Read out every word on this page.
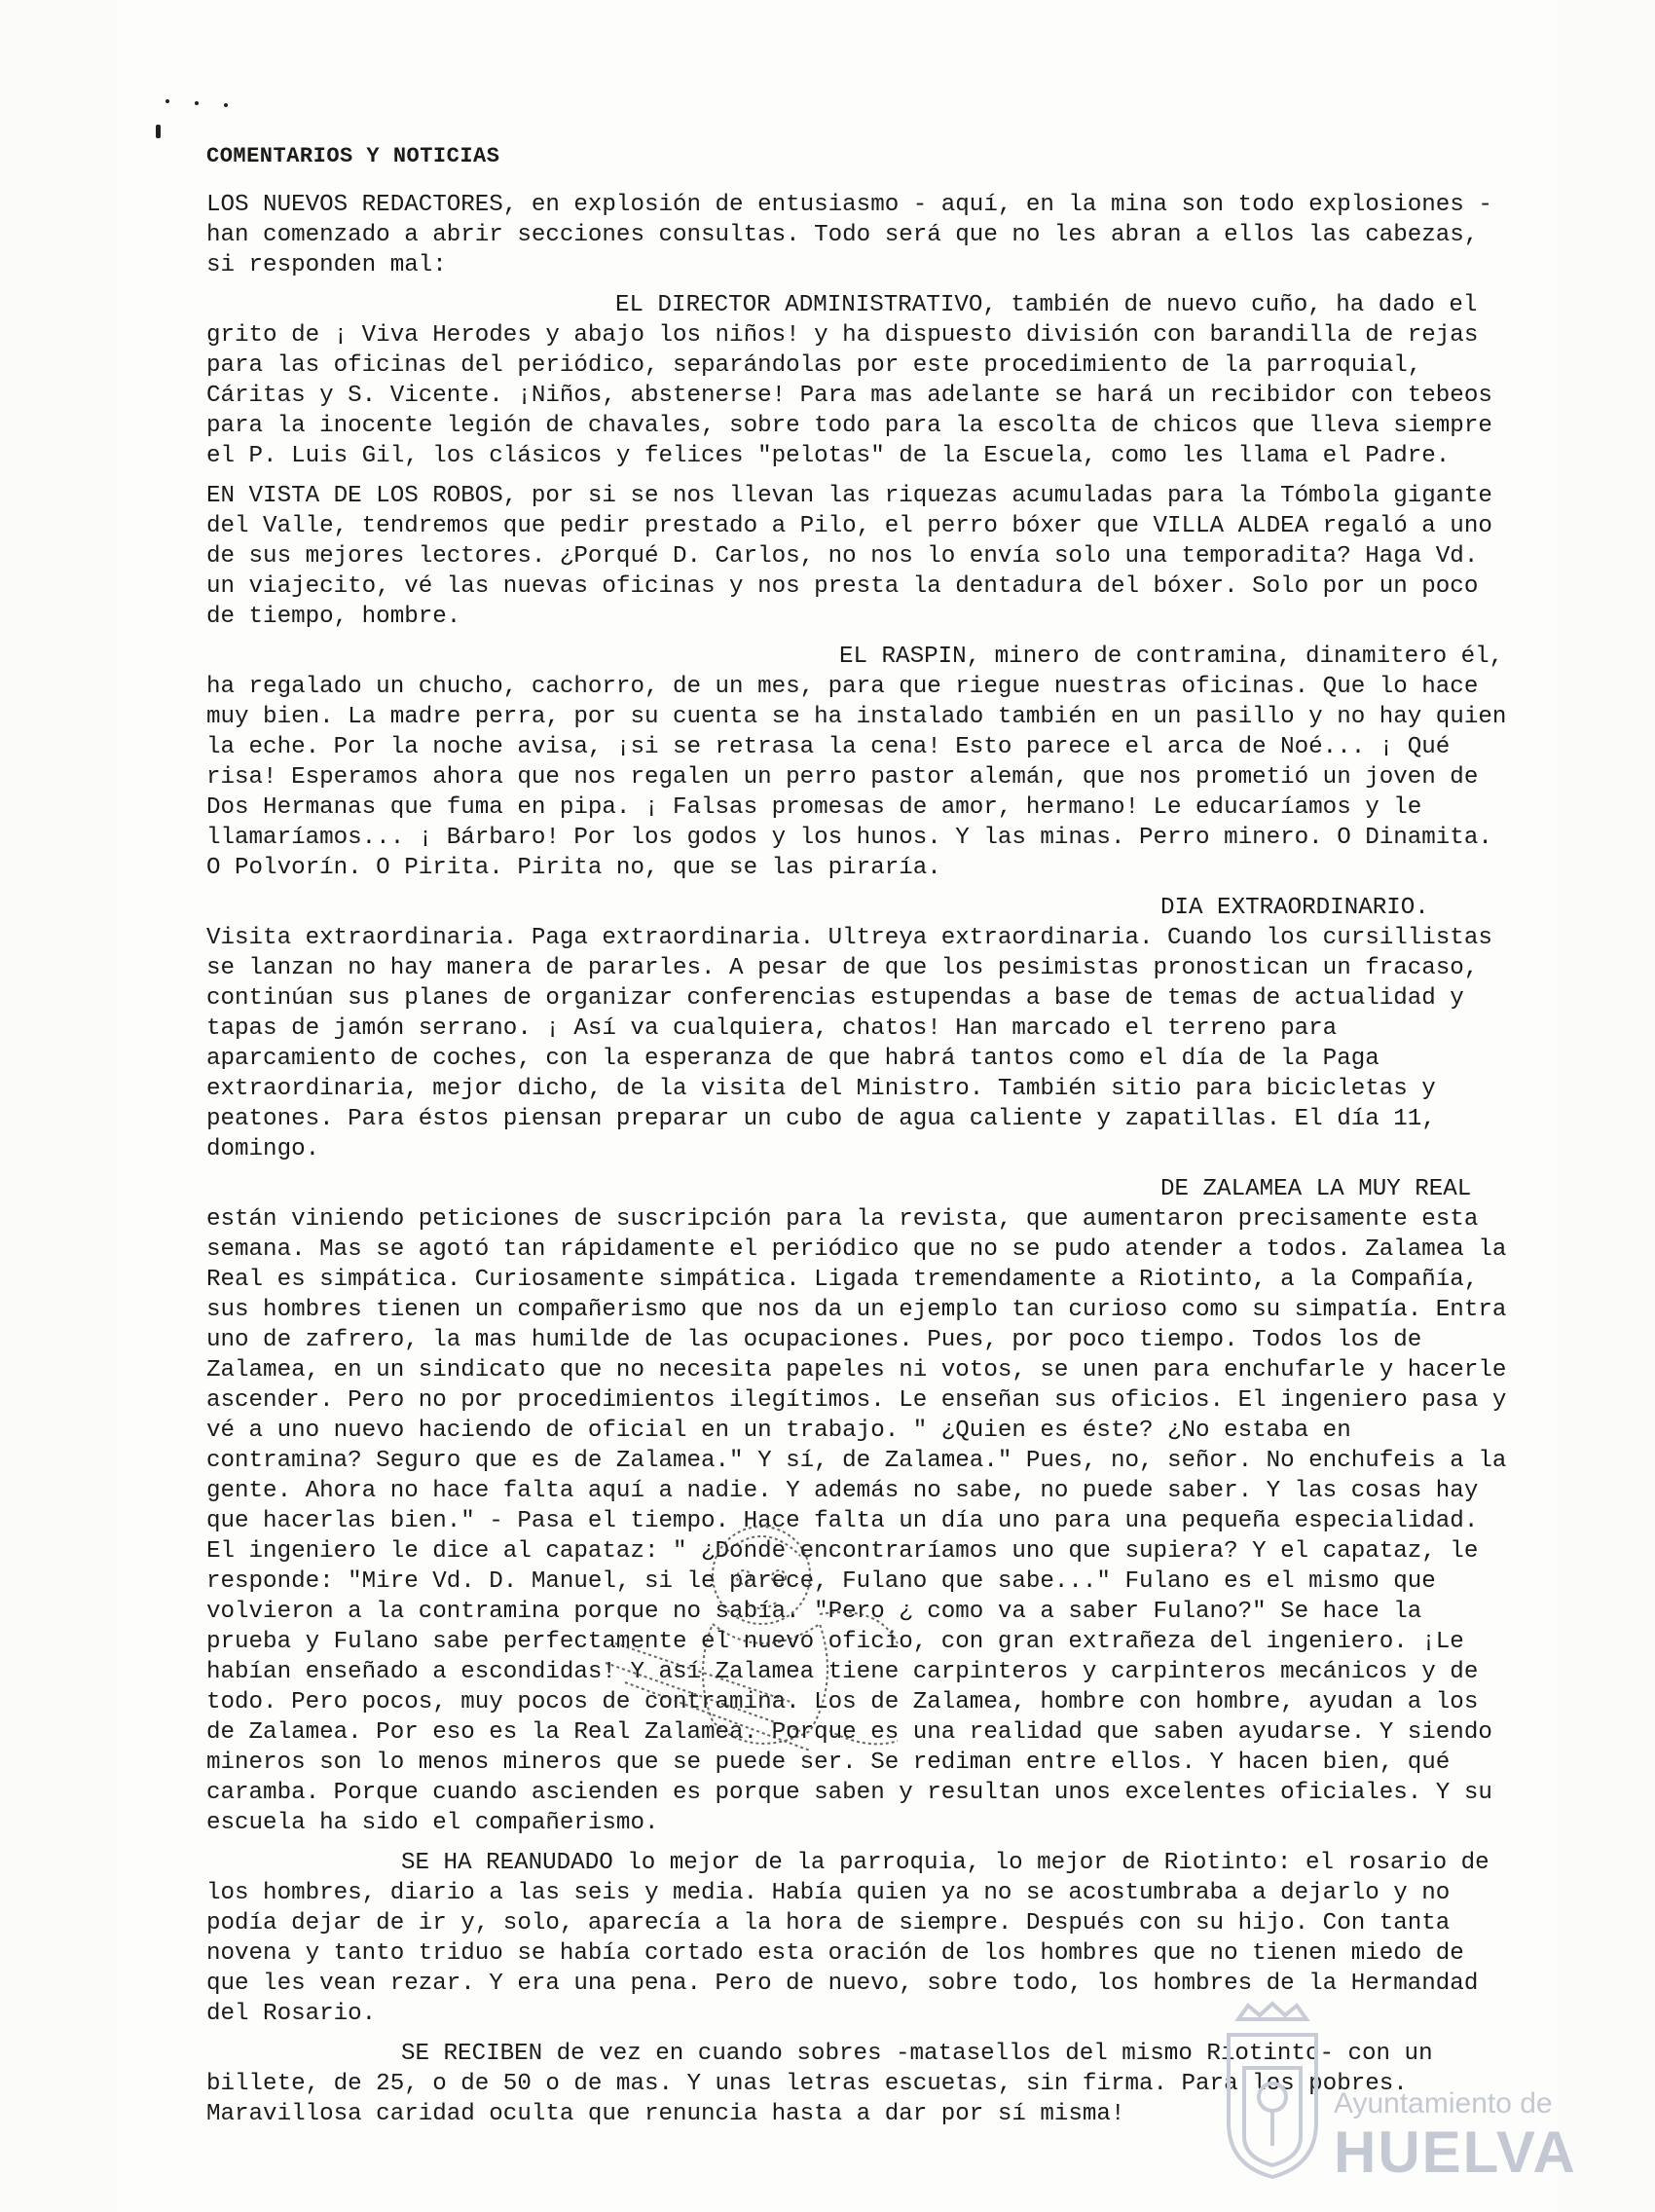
COMENTARIOS Y NOTICIAS
LOS NUEVOS REDACTORES, en explosión de entusiasmo - aquí, en la mina son todo explosiones - han comenzado a abrir secciones consultas. Todo será que no les abran a ellos las cabezas, si responden mal:
EL DIRECTOR ADMINISTRATIVO, también de nuevo cuño, ha dado el grito de ¡ Viva Herodes y abajo los niños! y ha dispuesto división con barandilla de rejas para las oficinas del periódico, separándolas por este procedimiento de la parroquial, Cáritas y S. Vicente. ¡Niños, abstenerse! Para mas adelante se hará un recibidor con tebeos para la inocente legión de chavales, sobre todo para la escolta de chicos que lleva siempre el P. Luis Gil, los clásicos y felices "pelotas" de la Escuela, como les llama el Padre.
EN VISTA DE LOS ROBOS, por si se nos llevan las riquezas acumuladas para la Tómbola gigante del Valle, tendremos que pedir prestado a Pilo, el perro bóxer que VILLA ALDEA regaló a uno de sus mejores lectores. ¿Porqué D. Carlos, no nos lo envía solo una temporadita? Haga Vd. un viajecito, vé las nuevas oficinas y nos presta la dentadura del bóxer. Solo por un poco de tiempo, hombre.
EL RASPIN, minero de contramina, dinamitero él, ha regalado un chucho, cachorro, de un mes, para que riegue nuestras oficinas. Que lo hace muy bien. La madre perra, por su cuenta se ha instalado también en un pasillo y no hay quien la eche. Por la noche avisa, ¡si se retrasa la cena! Esto parece el arca de Noé... ¡ Qué risa! Esperamos ahora que nos regalen un perro pastor alemán, que nos prometió un joven de Dos Hermanas que fuma en pipa. ¡ Falsas promesas de amor, hermano! Le educaríamos y le llamaríamos... ¡ Bárbaro! Por los godos y los hunos. Y las minas. Perro minero. O Dinamita. O Polvorín. O Pirita. Pirita no, que se las piraría.
DIA EXTRAORDINARIO. Visita extraordinaria. Paga extraordinaria. Ultreya extraordinaria. Cuando los cursillistas se lanzan no hay manera de pararles. A pesar de que los pesimistas pronostican un fracaso, continúan sus planes de organizar conferencias estupendas a base de temas de actualidad y tapas de jamón serrano. ¡ Así va cualquiera, chatos! Han marcado el terreno para aparcamiento de coches, con la esperanza de que habrá tantos como el día de la Paga extraordinaria, mejor dicho, de la visita del Ministro. También sitio para bicicletas y peatones. Para éstos piensan preparar un cubo de agua caliente y zapatillas. El día 11, domingo.
DE ZALAMEA LA MUY REAL están viniendo peticiones de suscripción para la revista, que aumentaron precisamente esta semana. Mas se agotó tan rápidamente el periódico que no se pudo atender a todos. Zalamea la Real es simpática. Curiosamente simpática. Ligada tremendamente a Riotinto, a la Compañía, sus hombres tienen un compañerismo que nos da un ejemplo tan curioso como su simpatía. Entra uno de zafrero, la mas humilde de las ocupaciones. Pues, por poco tiempo. Todos los de Zalamea, en un sindicato que no necesita papeles ni votos, se unen para enchufarle y hacerle ascender. Pero no por procedimientos ilegítimos. Le enseñan sus oficios. El ingeniero pasa y vé a uno nuevo haciendo de oficial en un trabajo. " ¿Quien es éste? ¿No estaba en contramina? Seguro que es de Zalamea." Y sí, de Zalamea." Pues, no, señor. No enchufeis a la gente. Ahora no hace falta aquí a nadie. Y además no sabe, no puede saber. Y las cosas hay que hacerlas bien." - Pasa el tiempo. Hace falta un día uno para una pequeña especialidad. El ingeniero le dice al capataz: " ¿Donde encontraríamos uno que supiera? Y el capataz, le responde: "Mire Vd. D. Manuel, si le parece, Fulano que sabe..." Fulano es el mismo que volvieron a la contramina porque no sabía. "Pero ¿ como va a saber Fulano?" Se hace la prueba y Fulano sabe perfectamente el nuevo oficio, con gran extrañeza del ingeniero. ¡Le habían enseñado a escondidas! Y así Zalamea tiene carpinteros y carpinteros mecánicos y de todo. Pero pocos, muy pocos de contramina. Los de Zalamea, hombre con hombre, ayudan a los de Zalamea. Por eso es la Real Zalamea. Porque es una realidad que saben ayudarse. Y siendo mineros son lo menos mineros que se puede ser. Se rediman entre ellos. Y hacen bien, qué caramba. Porque cuando ascienden es porque saben y resultan unos excelentes oficiales. Y su escuela ha sido el compañerismo.
SE HA REANUDADO lo mejor de la parroquia, lo mejor de Riotinto: el rosario de los hombres, diario a las seis y media. Había quien ya no se acostumbraba a dejarlo y no podía dejar de ir y, solo, aparecía a la hora de siempre. Después con su hijo. Con tanta novena y tanto triduo se había cortado esta oración de los hombres que no tienen miedo de que les vean rezar. Y era una pena. Pero de nuevo, sobre todo, los hombres de la Hermandad del Rosario.
SE RECIBEN de vez en cuando sobres -matasellos del mismo Riotinto- con un billete, de 25, o de 50 o de mas. Y unas letras escuetas, sin firma. Para los pobres. Maravillosa caridad oculta que renuncia hasta a dar por sí misma!	Ayuntamiento de
HUELVA
